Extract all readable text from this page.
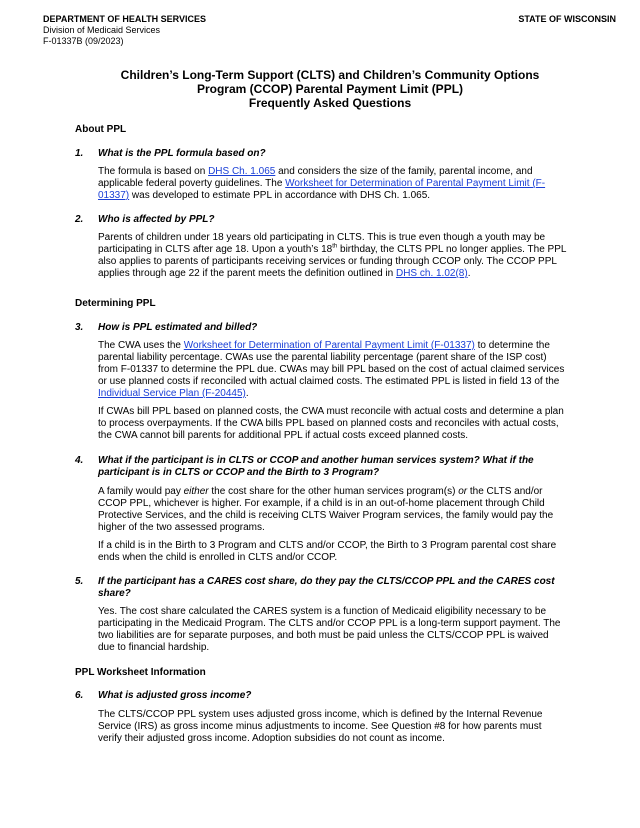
DEPARTMENT OF HEALTH SERVICES
Division of Medicaid Services
F-01337B (09/2023)
STATE OF WISCONSIN
Children’s Long-Term Support (CLTS) and Children’s Community Options
Program (CCOP) Parental Payment Limit (PPL)
Frequently Asked Questions
About PPL
1. What is the PPL formula based on?
The formula is based on DHS Ch. 1.065 and considers the size of the family, parental income, and applicable federal poverty guidelines. The Worksheet for Determination of Parental Payment Limit (F-01337) was developed to estimate PPL in accordance with DHS Ch. 1.065.
2. Who is affected by PPL?
Parents of children under 18 years old participating in CLTS. This is true even though a youth may be participating in CLTS after age 18. Upon a youth’s 18th birthday, the CLTS PPL no longer applies. The PPL also applies to parents of participants receiving services or funding through CCOP only. The CCOP PPL applies through age 22 if the parent meets the definition outlined in DHS ch. 1.02(8).
Determining PPL
3. How is PPL estimated and billed?
The CWA uses the Worksheet for Determination of Parental Payment Limit (F-01337) to determine the parental liability percentage. CWAs use the parental liability percentage (parent share of the ISP cost) from F-01337 to determine the PPL due. CWAs may bill PPL based on the cost of actual claimed services or use planned costs if reconciled with actual claimed costs. The estimated PPL is listed in field 13 of the Individual Service Plan (F-20445).
If CWAs bill PPL based on planned costs, the CWA must reconcile with actual costs and determine a plan to process overpayments. If the CWA bills PPL based on planned costs and reconciles with actual costs, the CWA cannot bill parents for additional PPL if actual costs exceed planned costs.
4. What if the participant is in CLTS or CCOP and another human services system? What if the participant is in CLTS or CCOP and the Birth to 3 Program?
A family would pay either the cost share for the other human services program(s) or the CLTS and/or CCOP PPL, whichever is higher. For example, if a child is in an out-of-home placement through Child Protective Services, and the child is receiving CLTS Waiver Program services, the family would pay the higher of the two assessed programs.
If a child is in the Birth to 3 Program and CLTS and/or CCOP, the Birth to 3 Program parental cost share ends when the child is enrolled in CLTS and/or CCOP.
5. If the participant has a CARES cost share, do they pay the CLTS/CCOP PPL and the CARES cost share?
Yes. The cost share calculated the CARES system is a function of Medicaid eligibility necessary to be participating in the Medicaid Program. The CLTS and/or CCOP PPL is a long-term support payment. The two liabilities are for separate purposes, and both must be paid unless the CLTS/CCOP PPL is waived due to financial hardship.
PPL Worksheet Information
6. What is adjusted gross income?
The CLTS/CCOP PPL system uses adjusted gross income, which is defined by the Internal Revenue Service (IRS) as gross income minus adjustments to income. See Question #8 for how parents must verify their adjusted gross income. Adoption subsidies do not count as income.
